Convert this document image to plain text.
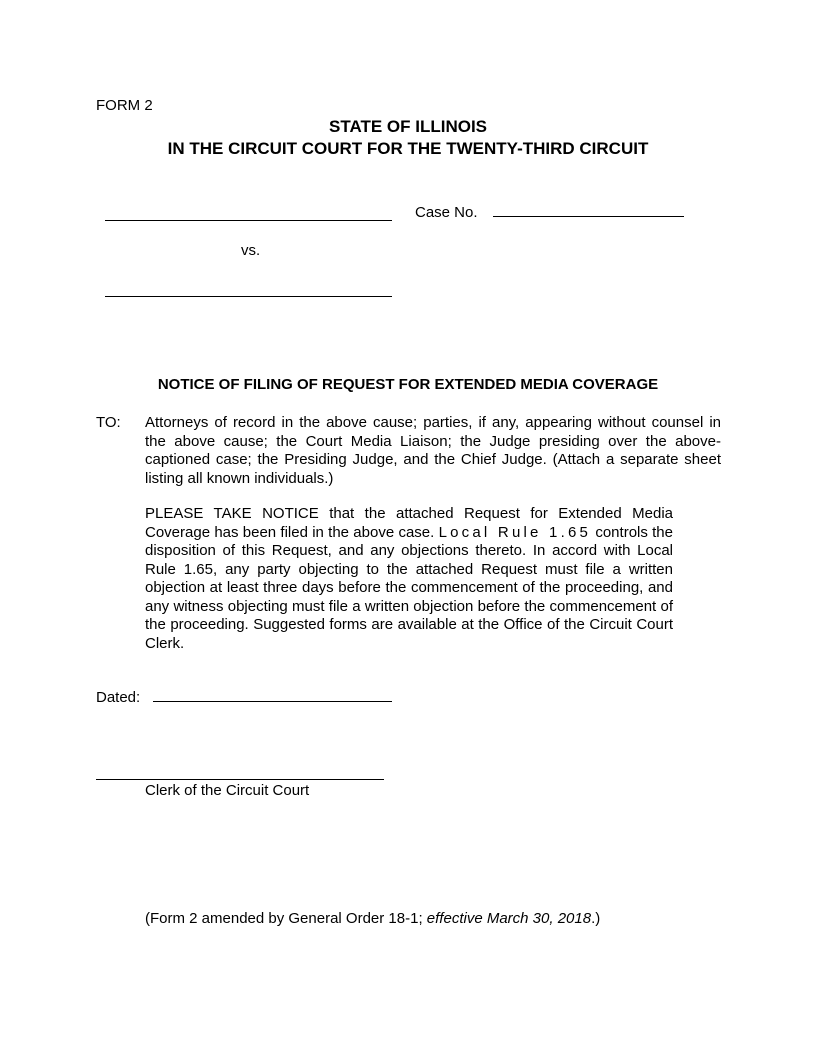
FORM 2
STATE OF ILLINOIS
IN THE CIRCUIT COURT FOR THE TWENTY-THIRD CIRCUIT
Case No.
vs.
NOTICE OF FILING OF REQUEST FOR EXTENDED MEDIA COVERAGE
TO: Attorneys of record in the above cause; parties, if any, appearing without counsel in the above cause; the Court Media Liaison; the Judge presiding over the above-captioned case; the Presiding Judge, and the Chief Judge. (Attach a separate sheet listing all known individuals.)
PLEASE TAKE NOTICE that the attached Request for Extended Media Coverage has been filed in the above case. Local Rule 1.65 controls the disposition of this Request, and any objections thereto. In accord with Local Rule 1.65, any party objecting to the attached Request must file a written objection at least three days before the commencement of the proceeding, and any witness objecting must file a written objection before the commencement of the proceeding. Suggested forms are available at the Office of the Circuit Court Clerk.
Dated:
Clerk of the Circuit Court
(Form 2 amended by General Order 18-1; effective March 30, 2018.)
